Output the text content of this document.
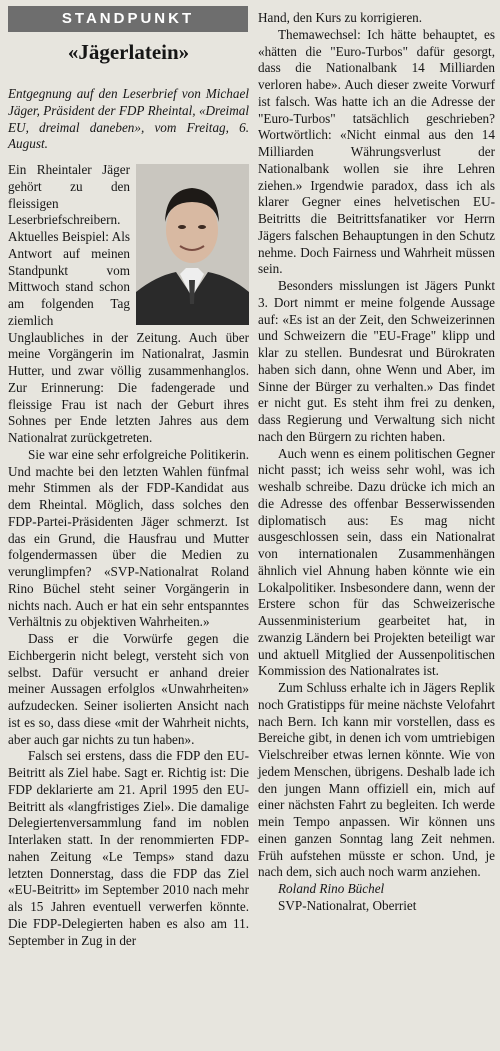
STANDPUNKT
«Jägerlatein»

Entgegnung auf den Leserbrief von Michael Jäger, Präsident der FDP Rheintal, «Dreimal EU, dreimal daneben», vom Freitag, 6. August.

Ein Rheintaler Jäger gehört zu den fleissigen Leserbriefschreibern. Aktuelles Beispiel: Als Antwort auf meinen Standpunkt vom Mittwoch stand schon am folgenden Tag ziemlich Unglaubliches in der Zeitung. Auch über meine Vorgängerin im Nationalrat, Jasmin Hutter, und zwar völlig zusammenhanglos. Zur Erinnerung: Die fadengerade und fleissige Frau ist nach der Geburt ihres Sohnes per Ende letzten Jahres aus dem Nationalrat zurückgetreten.

Sie war eine sehr erfolgreiche Politikerin. Und machte bei den letzten Wahlen fünfmal mehr Stimmen als der FDP-Kandidat aus dem Rheintal. Möglich, dass solches den FDP-Partei-Präsidenten Jäger schmerzt. Ist das ein Grund, die Hausfrau und Mutter folgendermassen über die Medien zu verunglimpfen? «SVP-Nationalrat Roland Rino Büchel steht seiner Vorgängerin in nichts nach. Auch er hat ein sehr entspanntes Verhältnis zu objektiven Wahrheiten.»

Dass er die Vorwürfe gegen die Eichbergerin nicht belegt, versteht sich von selbst. Dafür versucht er anhand dreier meiner Aussagen erfolglos «Unwahrheiten» aufzudecken. Seiner isolierten Ansicht nach ist es so, dass diese «mit der Wahrheit nichts, aber auch gar nichts zu tun haben».

Falsch sei erstens, dass die FDP den EU-Beitritt als Ziel habe. Sagt er. Richtig ist: Die FDP deklarierte am 21. April 1995 den EU-Beitritt als «langfristiges Ziel». Die damalige Delegiertenversammlung fand im noblen Interlaken statt. In der renommierten FDP-nahen Zeitung «Le Temps» stand dazu letzten Donnerstag, dass die FDP das Ziel «EU-Beitritt» im September 2010 nach mehr als 15 Jahren eventuell verwerfen könnte. Die FDP-Delegierten haben es also am 11. September in Zug in der

Hand, den Kurs zu korrigieren.

Themawechsel: Ich hätte behauptet, es «hätten die "Euro-Turbos" dafür gesorgt, dass die Nationalbank 14 Milliarden verloren habe». Auch dieser zweite Vorwurf ist falsch. Was hatte ich an die Adresse der "Euro-Turbos" tatsächlich geschrieben? Wortwörtlich: «Nicht einmal aus den 14 Milliarden Währungsverlust der Nationalbank wollen sie ihre Lehren ziehen.» Irgendwie paradox, dass ich als klarer Gegner eines helvetischen EU-Beitritts die Beitrittsfanatiker vor Herrn Jägers falschen Behauptungen in den Schutz nehme. Doch Fairness und Wahrheit müssen sein.

Besonders misslungen ist Jägers Punkt 3. Dort nimmt er meine folgende Aussage auf: «Es ist an der Zeit, den Schweizerinnen und Schweizern die "EU-Frage" klipp und klar zu stellen. Bundesrat und Bürokraten haben sich dann, ohne Wenn und Aber, im Sinne der Bürger zu verhalten.» Das findet er nicht gut. Es steht ihm frei zu denken, dass Regierung und Verwaltung sich nicht nach den Bürgern zu richten haben.

Auch wenn es einem politischen Gegner nicht passt; ich weiss sehr wohl, was ich weshalb schreibe. Dazu drücke ich mich an die Adresse des offenbar Besserwissenden diplomatisch aus: Es mag nicht ausgeschlossen sein, dass ein Nationalrat von internationalen Zusammenhängen ähnlich viel Ahnung haben könnte wie ein Lokalpolitiker. Insbesondere dann, wenn der Erstere schon für das Schweizerische Aussenministerium gearbeitet hat, in zwanzig Ländern bei Projekten beteiligt war und aktuell Mitglied der Aussenpolitischen Kommission des Nationalrates ist.

Zum Schluss erhalte ich in Jägers Replik noch Gratistipps für meine nächste Velofahrt nach Bern. Ich kann mir vorstellen, dass es Bereiche gibt, in denen ich vom umtriebigen Vielschreiber etwas lernen könnte. Wie von jedem Menschen, übrigens. Deshalb lade ich den jungen Mann offiziell ein, mich auf einer nächsten Fahrt zu begleiten. Ich werde mein Tempo anpassen. Wir können uns einen ganzen Sonntag lang Zeit nehmen. Früh aufstehen müsste er schon. Und, je nach dem, sich auch noch warm anziehen.

Roland Rino Büchel

SVP-Nationalrat, Oberriet
